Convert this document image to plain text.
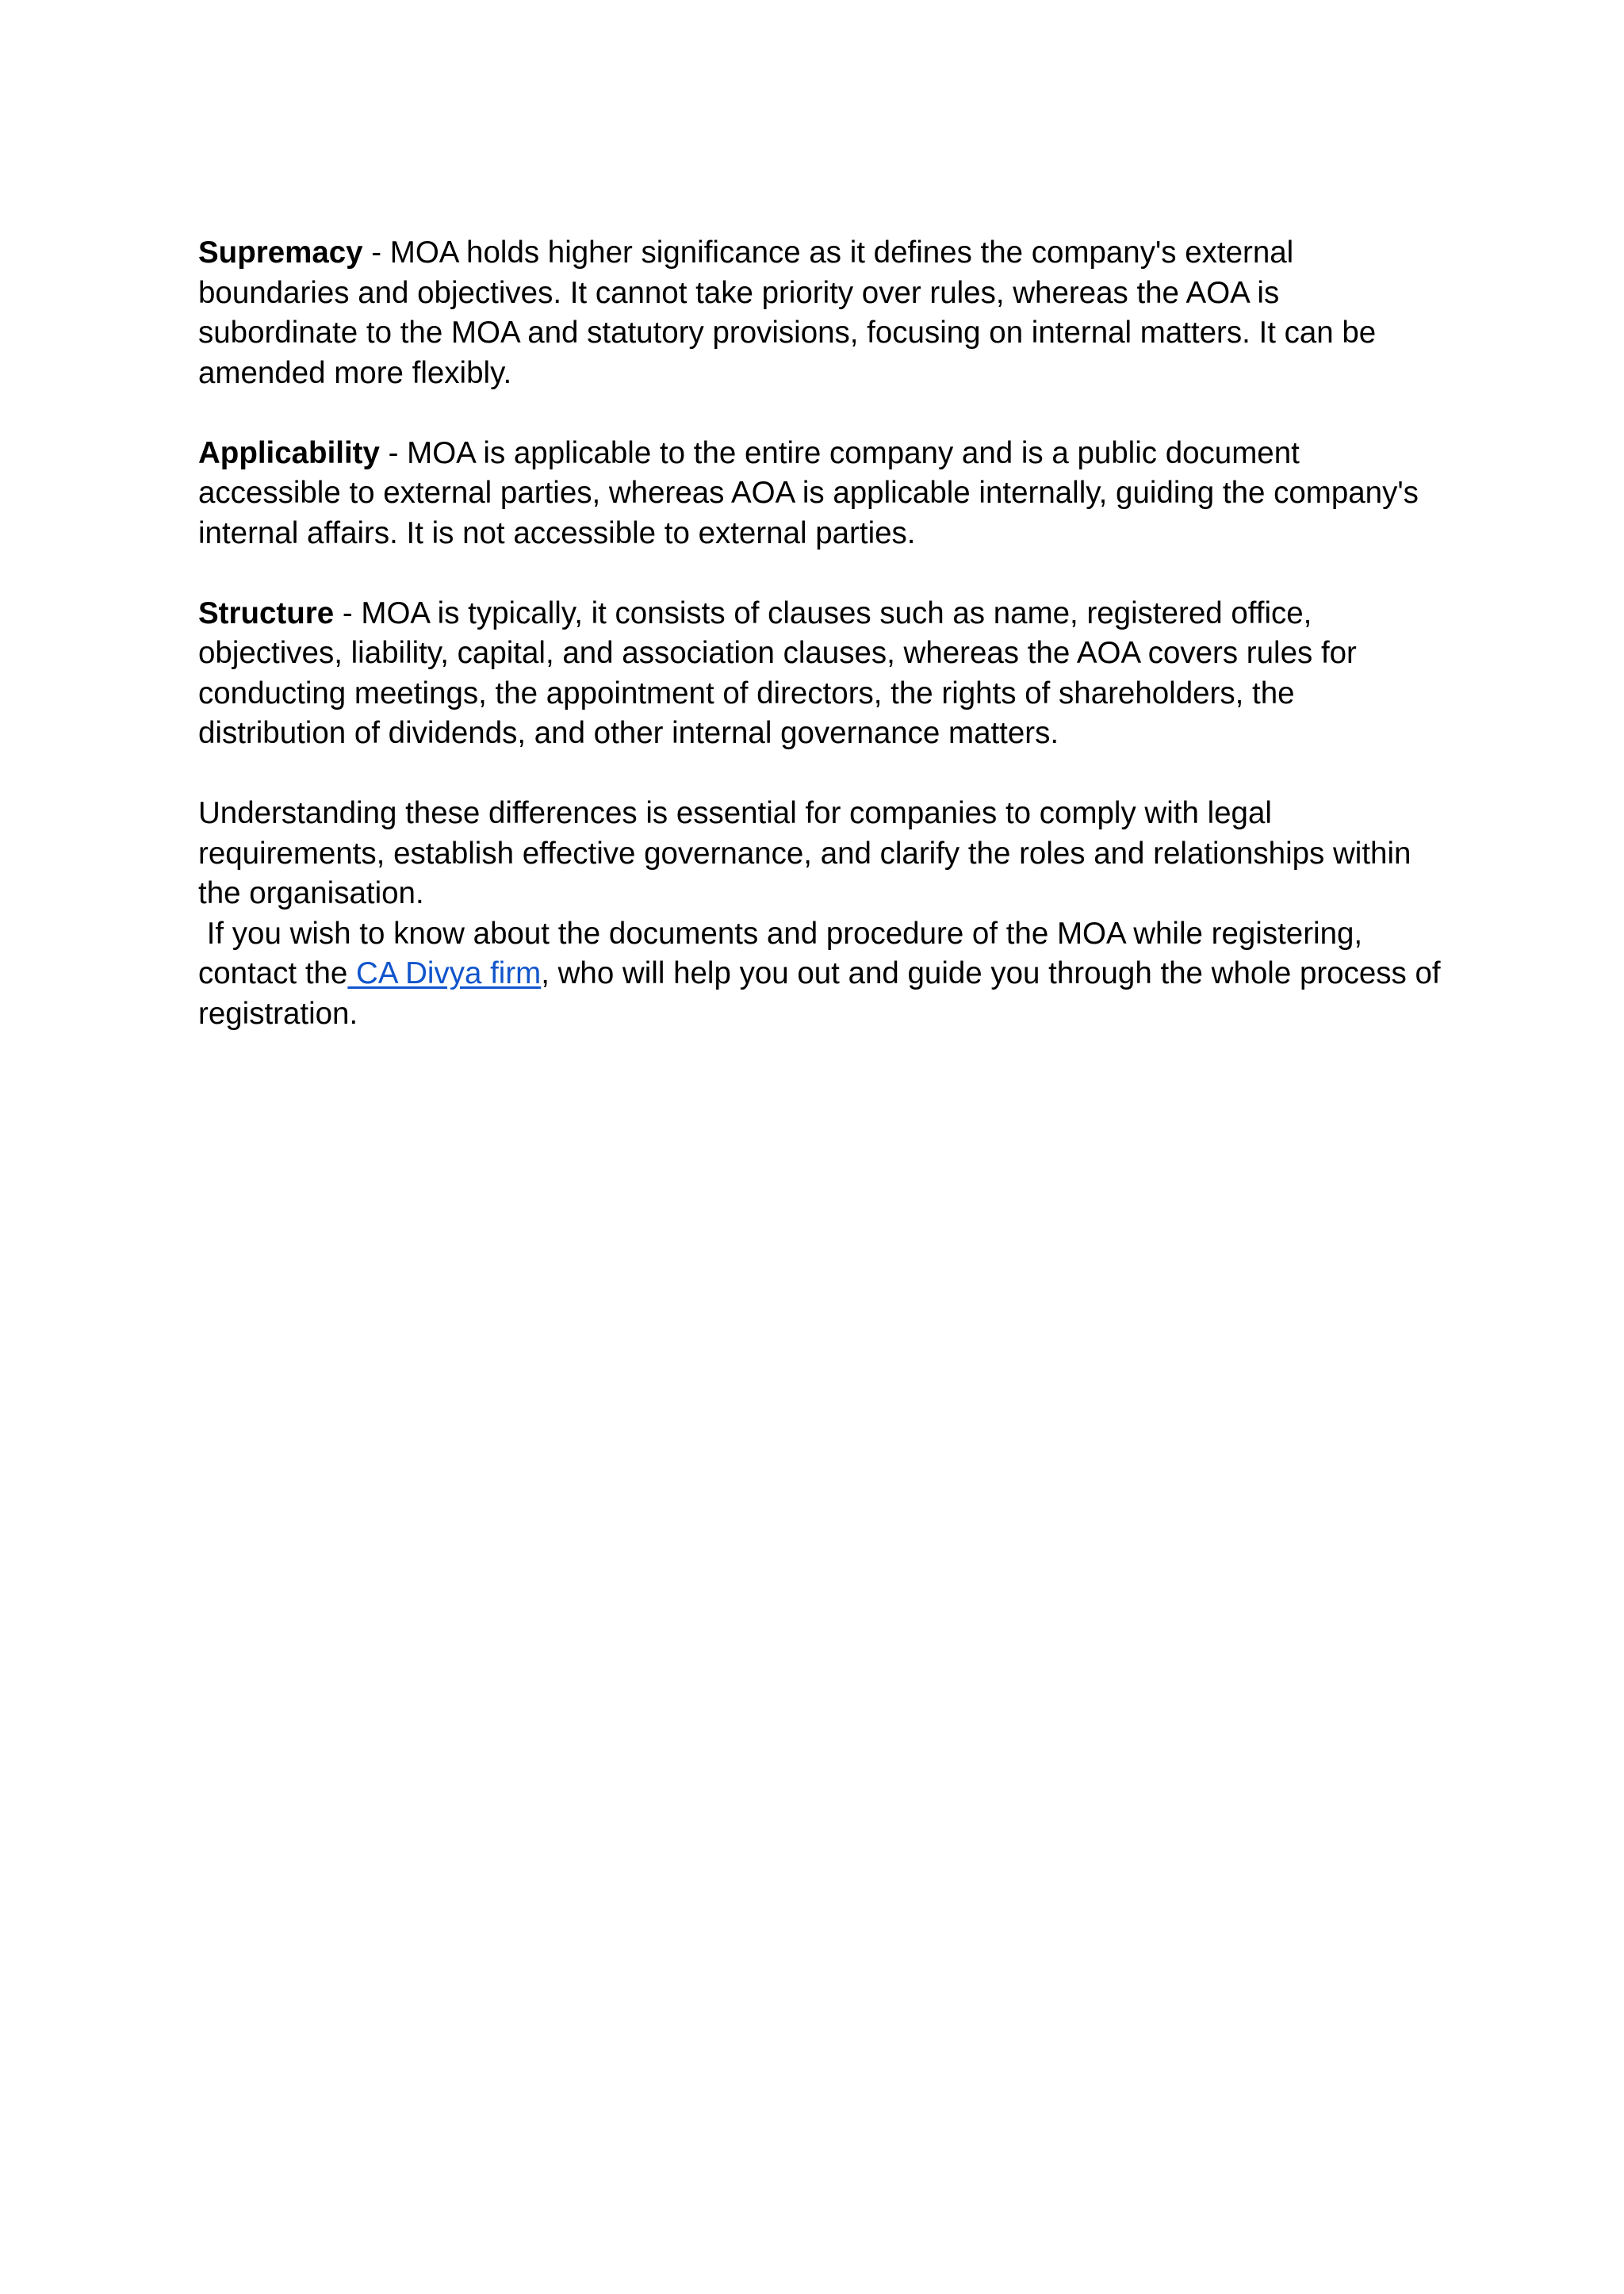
Supremacy - MOA holds higher significance as it defines the company's external boundaries and objectives. It cannot take priority over rules, whereas the AOA is subordinate to the MOA and statutory provisions, focusing on internal matters. It can be amended more flexibly.

Applicability - MOA is applicable to the entire company and is a public document accessible to external parties, whereas AOA is applicable internally, guiding the company's internal affairs. It is not accessible to external parties.

Structure - MOA is typically, it consists of clauses such as name, registered office, objectives, liability, capital, and association clauses, whereas the AOA covers rules for conducting meetings, the appointment of directors, the rights of shareholders, the distribution of dividends, and other internal governance matters.

Understanding these differences is essential for companies to comply with legal requirements, establish effective governance, and clarify the roles and relationships within the organisation.

If you wish to know about the documents and procedure of the MOA while registering, contact the CA Divya firm, who will help you out and guide you through the whole process of registration.
